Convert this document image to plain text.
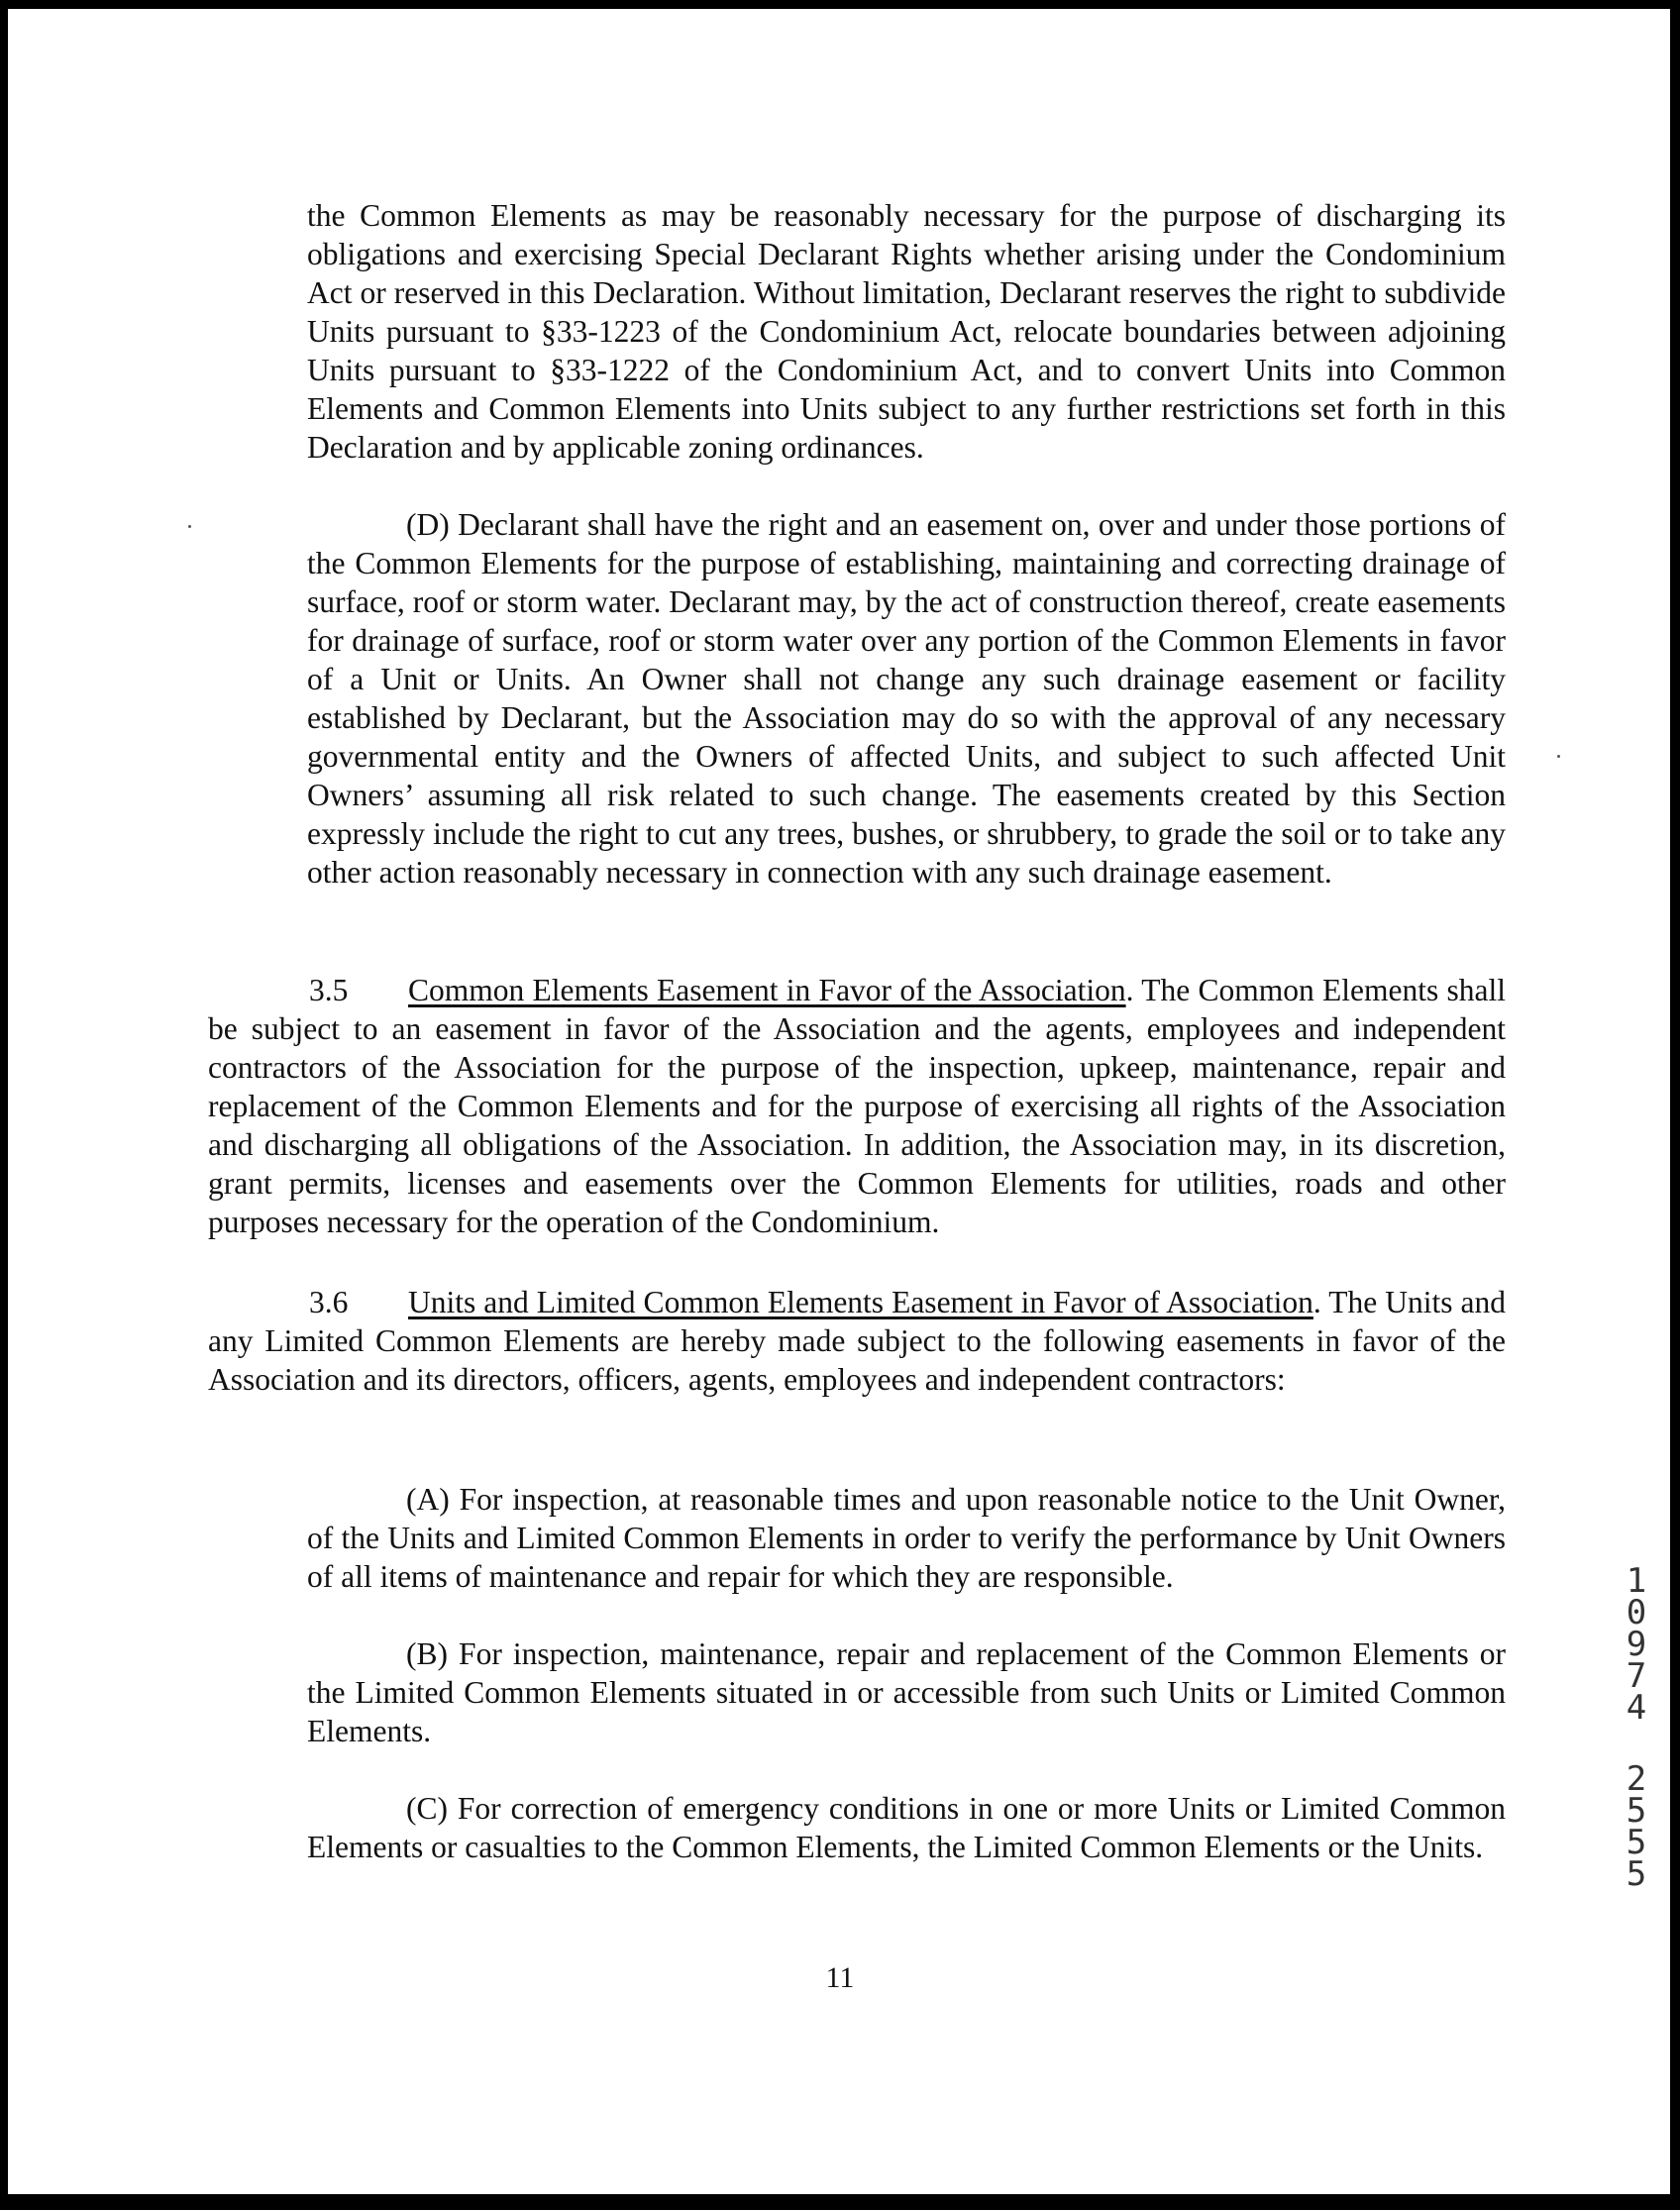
the Common Elements as may be reasonably necessary for the purpose of discharging its obligations and exercising Special Declarant Rights whether arising under the Condominium Act or reserved in this Declaration. Without limitation, Declarant reserves the right to subdivide Units pursuant to §33-1223 of the Condominium Act, relocate boundaries between adjoining Units pursuant to §33-1222 of the Condominium Act, and to convert Units into Common Elements and Common Elements into Units subject to any further restrictions set forth in this Declaration and by applicable zoning ordinances.

(D) Declarant shall have the right and an easement on, over and under those portions of the Common Elements for the purpose of establishing, maintaining and correcting drainage of surface, roof or storm water. Declarant may, by the act of construction thereof, create easements for drainage of surface, roof or storm water over any portion of the Common Elements in favor of a Unit or Units. An Owner shall not change any such drainage easement or facility established by Declarant, but the Association may do so with the approval of any necessary governmental entity and the Owners of affected Units, and subject to such affected Unit Owners’ assuming all risk related to such change. The easements created by this Section expressly include the right to cut any trees, bushes, or shrubbery, to grade the soil or to take any other action reasonably necessary in connection with any such drainage easement.

3.5 Common Elements Easement in Favor of the Association. The Common Elements shall be subject to an easement in favor of the Association and the agents, employees and independent contractors of the Association for the purpose of the inspection, upkeep, maintenance, repair and replacement of the Common Elements and for the purpose of exercising all rights of the Association and discharging all obligations of the Association. In addition, the Association may, in its discretion, grant permits, licenses and easements over the Common Elements for utilities, roads and other purposes necessary for the operation of the Condominium.

3.6 Units and Limited Common Elements Easement in Favor of Association. The Units and any Limited Common Elements are hereby made subject to the following easements in favor of the Association and its directors, officers, agents, employees and independent contractors:

(A) For inspection, at reasonable times and upon reasonable notice to the Unit Owner, of the Units and Limited Common Elements in order to verify the performance by Unit Owners of all items of maintenance and repair for which they are responsible.

(B) For inspection, maintenance, repair and replacement of the Common Elements or the Limited Common Elements situated in or accessible from such Units or Limited Common Elements.

(C) For correction of emergency conditions in one or more Units or Limited Common Elements or casualties to the Common Elements, the Limited Common Elements or the Units.

11
1
0
9
7
4
2
5
5
5
